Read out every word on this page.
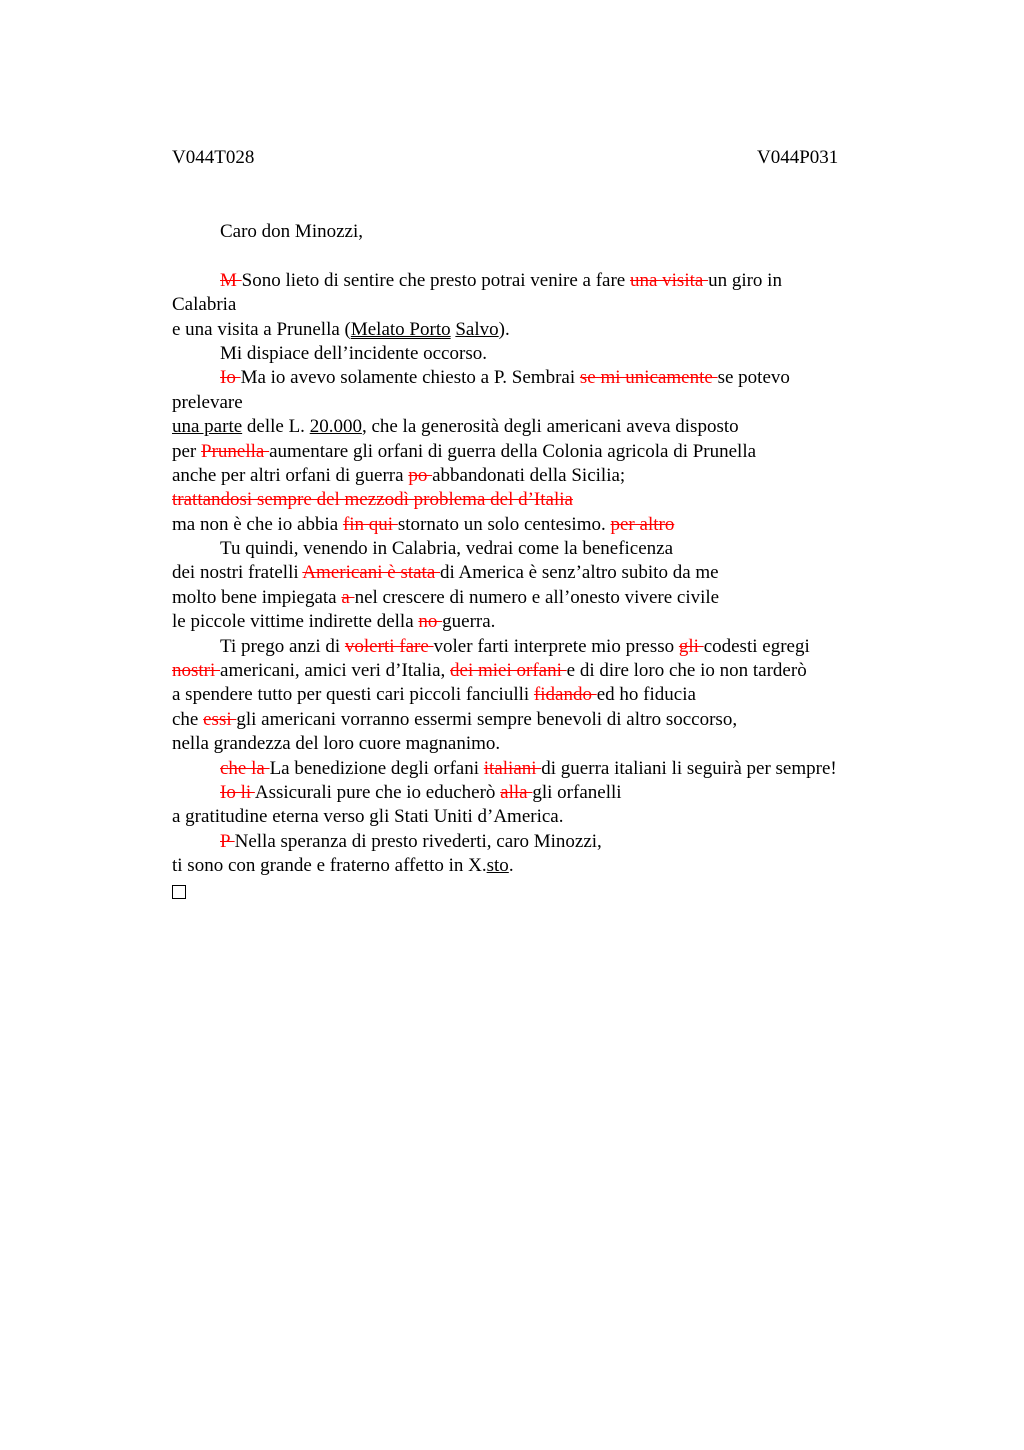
V044T028	V044P031
Caro don Minozzi,
M Sono lieto di sentire che presto potrai venire a fare una visita un giro in
Calabria
e una visita a Prunella (Melato Porto Salvo).
Mi dispiace dell’incidente occorso.
Io Ma io avevo solamente chiesto a P. Sembrai se mi unicamente se potevo
prelevare
una parte delle L. 20.000, che la generosità degli americani aveva disposto
per Prunella aumentare gli orfani di guerra della Colonia agricola di Prunella
anche per altri orfani di guerra po abbandonati della Sicilia;
trattandosi sempre del mezzodì problema del d’Italia
ma non è che io abbia fin qui stornato un solo centesimo. per altro
Tu quindi, venendo in Calabria, vedrai come la beneficenza
dei nostri fratelli Americani è stata di America è senz’altro subito da me
molto bene impiegata a nel crescere di numero e all’onesto vivere civile
le piccole vittime indirette della no guerra.
Ti prego anzi di volerti fare voler farti interprete mio presso gli codesti egregi
nostri americani, amici veri d’Italia, dei miei orfani e di dire loro che io non tarderò
a spendere tutto per questi cari piccoli fanciulli fidando ed ho fiducia
che essi gli americani vorranno essermi sempre benevoli di altro soccorso,
nella grandezza del loro cuore magnanimo.
che la La benedizione degli orfani italiani di guerra italiani li seguirà per sempre!
Io li Assicurali pure che io educherò alla gli orfanelli
a gratitudine eterna verso gli Stati Uniti d’America.
P Nella speranza di presto rivederti, caro Minozzi,
ti sono con grande e fraterno affetto in X.sto.
